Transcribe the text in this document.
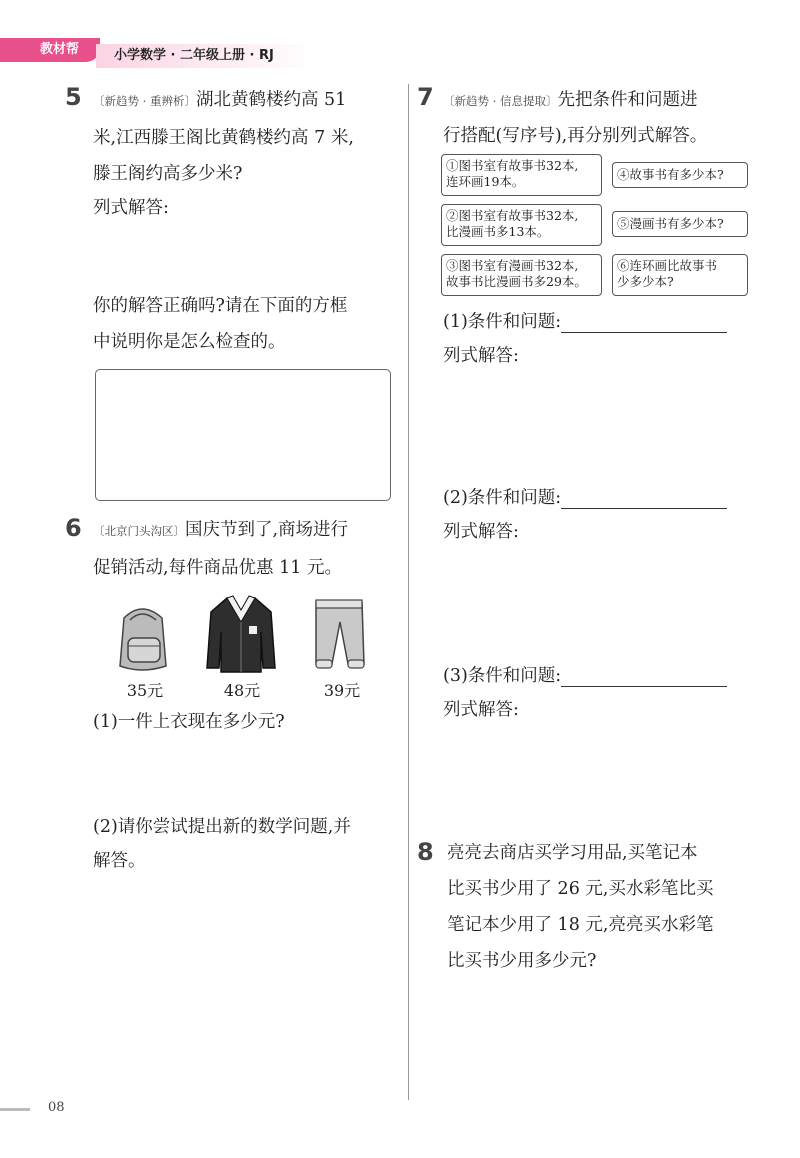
教材帮	小学数学 · 二年级上册 · RJ
5 〔新趋势 · 重辨析〕湖北黄鹤楼约高 51
米,江西滕王阁比黄鹤楼约高 7 米,
滕王阁约高多少米?
列式解答:
你的解答正确吗?请在下面的方框
中说明你是怎么检查的。
6 〔北京门头沟区〕国庆节到了,商场进行
促销活动,每件商品优惠 11 元。
35元	48元	39元
(1)一件上衣现在多少元?
(2)请你尝试提出新的数学问题,并
解答。
7 〔新趋势 · 信息提取〕先把条件和问题进
行搭配(写序号),再分别列式解答。
①图书室有故事书32本,
连环画19本。
②图书室有故事书32本,
比漫画书多13本。
③图书室有漫画书32本,
故事书比漫画书多29本。
④故事书有多少本?
⑤漫画书有多少本?
⑥连环画比故事书
少多少本?
(1)条件和问题:
列式解答:
(2)条件和问题:
列式解答:
(3)条件和问题:
列式解答:
8 亮亮去商店买学习用品,买笔记本
比买书少用了 26 元,买水彩笔比买
笔记本少用了 18 元,亮亮买水彩笔
比买书少用多少元?
08
